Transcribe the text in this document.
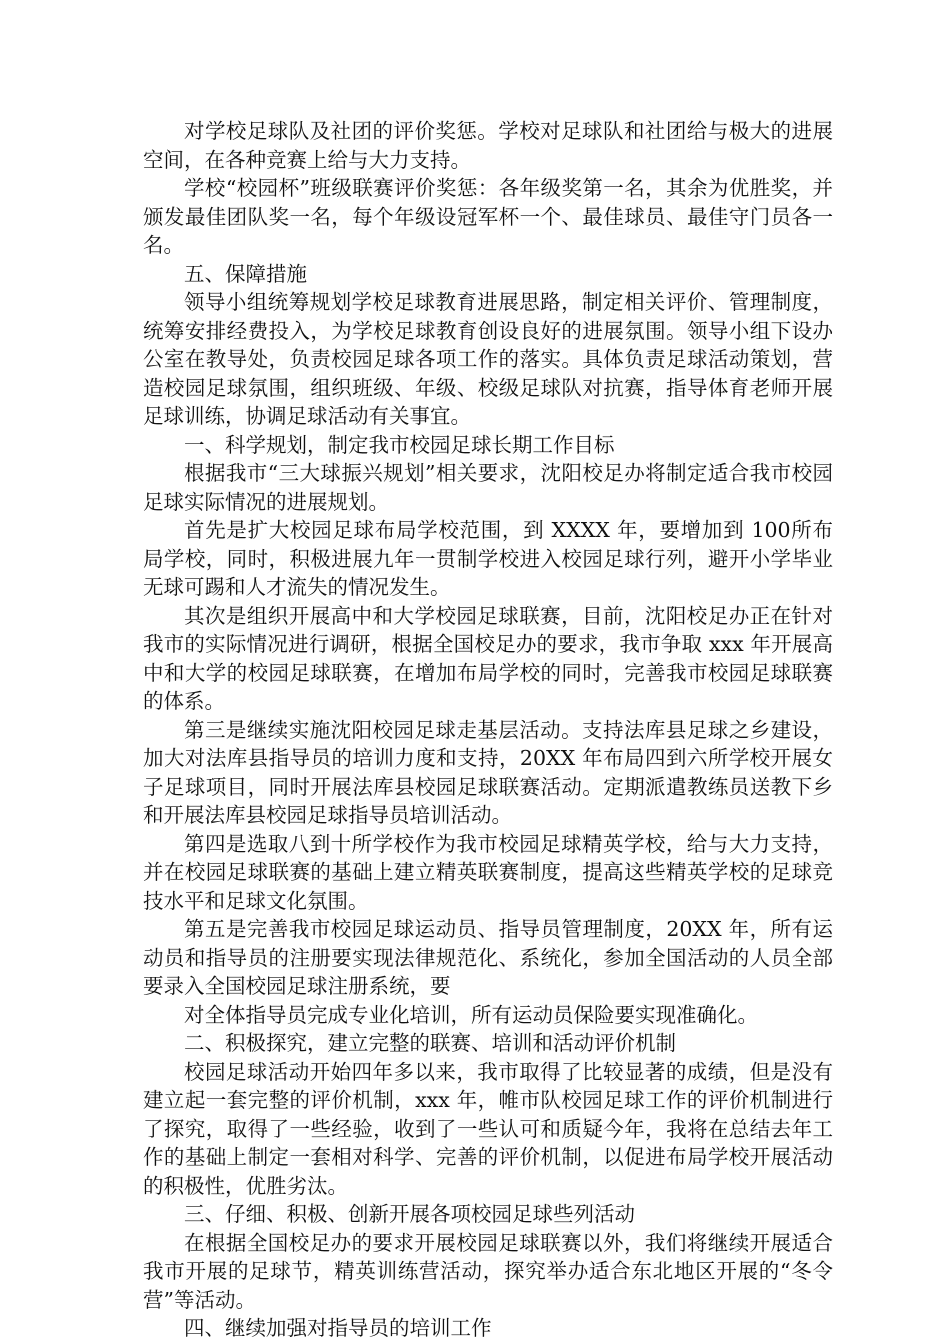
对学校足球队及社团的评价奖惩。学校对足球队和社团给与极大的进展空间，在各种竞赛上给与大力支持。

学校“校园杯”班级联赛评价奖惩：各年级奖第一名，其余为优胜奖，并颁发最佳团队奖一名，每个年级设冠军杯一个、最佳球员、最佳守门员各一名。

五、保障措施

领导小组统筹规划学校足球教育进展思路，制定相关评价、管理制度，统筹安排经费投入，为学校足球教育创设良好的进展氛围。领导小组下设办公室在教导处，负责校园足球各项工作的落实。具体负责足球活动策划，营造校园足球氛围，组织班级、年级、校级足球队对抗赛，指导体育老师开展足球训练，协调足球活动有关事宜。

一、科学规划，制定我市校园足球长期工作目标

根据我市“三大球振兴规划”相关要求，沈阳校足办将制定适合我市校园足球实际情况的进展规划。

首先是扩大校园足球布局学校范围，到 XXXX 年，要增加到 100所布局学校，同时，积极进展九年一贯制学校进入校园足球行列，避开小学毕业无球可踢和人才流失的情况发生。

其次是组织开展高中和大学校园足球联赛，目前，沈阳校足办正在针对我市的实际情况进行调研，根据全国校足办的要求，我市争取 xxx 年开展高中和大学的校园足球联赛，在增加布局学校的同时，完善我市校园足球联赛的体系。

第三是继续实施沈阳校园足球走基层活动。支持法库县足球之乡建设，加大对法库县指导员的培训力度和支持，20XX 年布局四到六所学校开展女子足球项目，同时开展法库县校园足球联赛活动。定期派遣教练员送教下乡和开展法库县校园足球指导员培训活动。

第四是选取八到十所学校作为我市校园足球精英学校，给与大力支持，并在校园足球联赛的基础上建立精英联赛制度，提高这些精英学校的足球竞技水平和足球文化氛围。

第五是完善我市校园足球运动员、指导员管理制度，20XX 年，所有运动员和指导员的注册要实现法律规范化、系统化，参加全国活动的人员全部要录入全国校园足球注册系统，要

对全体指导员完成专业化培训，所有运动员保险要实现准确化。

二、积极探究，建立完整的联赛、培训和活动评价机制

校园足球活动开始四年多以来，我市取得了比较显著的成绩，但是没有建立起一套完整的评价机制，xxx 年，帷市队校园足球工作的评价机制进行了探究，取得了一些经验，收到了一些认可和质疑今年，我将在总结去年工作的基础上制定一套相对科学、完善的评价机制，以促进布局学校开展活动的积极性，优胜劣汰。

三、仔细、积极、创新开展各项校园足球些列活动

在根据全国校足办的要求开展校园足球联赛以外，我们将继续开展适合我市开展的足球节，精英训练营活动，探究举办适合东北地区开展的“冬令营”等活动。

四、继续加强对指导员的培训工作
